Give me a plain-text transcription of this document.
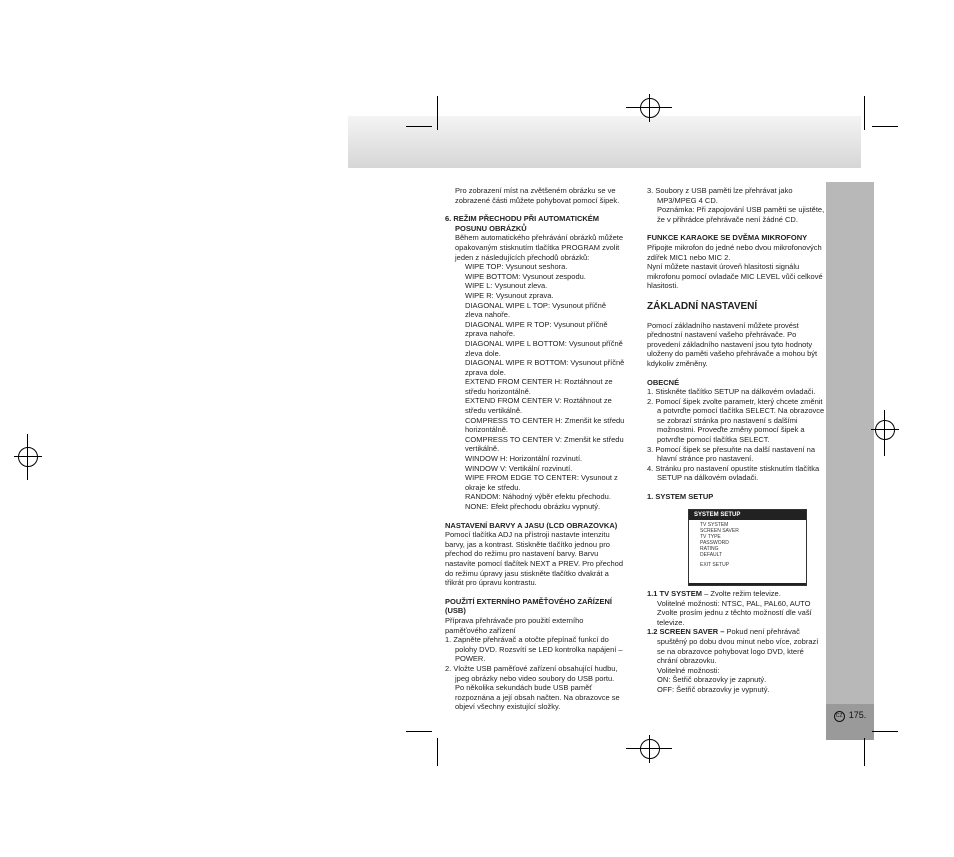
CZ 175.

Pro zobrazení míst na zvětšeném obrázku se ve

zobrazené části můžete pohybovat pomocí šipek.

6. REŽIM PŘECHODU PŘI AUTOMATICKÉM

POSUNU OBRÁZKŮ

Během automatického přehrávání obrázků můžete

opakovaným stisknutím tlačítka PROGRAM zvolit

jeden z následujících přechodů obrázků:

WIPE TOP: Vysunout seshora.

WIPE BOTTOM: Vysunout zespodu.

WIPE L: Vysunout zleva.

WIPE R: Vysunout zprava.

DIAGONAL WIPE L TOP: Vysunout příčně

zleva nahoře.

DIAGONAL WIPE R TOP: Vysunout příčně

zprava nahoře.

DIAGONAL WIPE L BOTTOM: Vysunout příčně

zleva dole.

DIAGONAL WIPE R BOTTOM: Vysunout příčně

zprava dole.

EXTEND FROM CENTER H: Roztáhnout ze

středu horizontálně.

EXTEND FROM CENTER V: Roztáhnout ze

středu vertikálně.

COMPRESS TO CENTER H: Zmenšit ke středu

horizontálně.

COMPRESS TO CENTER V: Zmenšit ke středu

vertikálně.

WINDOW H: Horizontální rozvinutí.

WINDOW V: Vertikální rozvinutí.

WIPE FROM EDGE TO CENTER: Vysunout z

okraje ke středu.

RANDOM: Náhodný výběr efektu přechodu.

NONE: Efekt přechodu obrázku vypnutý.

NASTAVENÍ BARVY A JASU (LCD OBRAZOVKA)

Pomocí tlačítka ADJ na přístroji nastavte intenzitu

barvy, jas a kontrast. Stiskněte tlačítko jednou pro

přechod do režimu pro nastavení barvy. Barvu

nastavíte pomocí tlačítek NEXT a PREV. Pro přechod

do režimu úpravy jasu stiskněte tlačítko dvakrát a

třikrát pro úpravu kontrastu.

POUŽITÍ EXTERNÍHO PAMĚŤOVÉHO ZAŘÍZENÍ

(USB)

Příprava přehrávače pro použití externího

paměťového zařízení

1. Zapněte přehrávač a otočte přepínač funkcí do

polohy DVD. Rozsvítí se LED kontrolka napájení –

POWER.

2. Vložte USB paměťové zařízení obsahující hudbu,

jpeg obrázky nebo video soubory do USB portu.

Po několika sekundách bude USB paměť

rozpoznána a její obsah načten. Na obrazovce se

objeví všechny existující složky.

3. Soubory z USB paměti lze přehrávat jako

MP3/MPEG 4 CD.

Poznámka: Při zapojování USB paměti se ujistěte,

že v přihrádce přehrávače není žádné CD.

FUNKCE KARAOKE SE DVĚMA MIKROFONY

Připojte mikrofon do jedné nebo dvou mikrofonových

zdířek MIC1 nebo MIC 2.

Nyní můžete nastavit úroveň hlasitosti signálu

mikrofonu pomocí ovladače MIC LEVEL vůči celkové

hlasitosti.

ZÁKLADNÍ NASTAVENÍ

Pomocí základního nastavení můžete provést

přednostní nastavení vašeho přehrávače. Po

provedení základního nastavení jsou tyto hodnoty

uloženy do paměti vašeho přehrávače a mohou být

kdykoliv změněny.

OBECNÉ

1. Stiskněte tlačítko SETUP na dálkovém ovladači.

2. Pomocí šipek zvolte parametr, který chcete změnit

a potvrďte pomocí tlačítka SELECT. Na obrazovce

se zobrazí stránka pro nastavení s dalšími

možnostmi. Proveďte změny pomocí šipek a

potvrďte pomocí tlačítka SELECT.

3. Pomocí šipek se přesuňte na další nastavení na

hlavní stránce pro nastavení.

4. Stránku pro nastavení opustíte stisknutím tlačítka

SETUP na dálkovém ovladači.

1. SYSTEM SETUP

SYSTEM SETUP
TV SYSTEM
SCREEN SAVER
TV TYPE
PASSWORD
RATING
DEFAULT
EXIT SETUP

1.1 TV SYSTEM – Zvolte režim televize.

Volitelné možnosti: NTSC, PAL, PAL60, AUTO

Zvolte prosím jednu z těchto možností dle vaší

televize.

1.2 SCREEN SAVER – Pokud není přehrávač

spuštěný po dobu dvou minut nebo více, zobrazí

se na obrazovce pohybovat logo DVD, které

chrání obrazovku.

Volitelné možnosti:

ON: Šetřič obrazovky je zapnutý.

OFF: Šetřič obrazovky je vypnutý.
